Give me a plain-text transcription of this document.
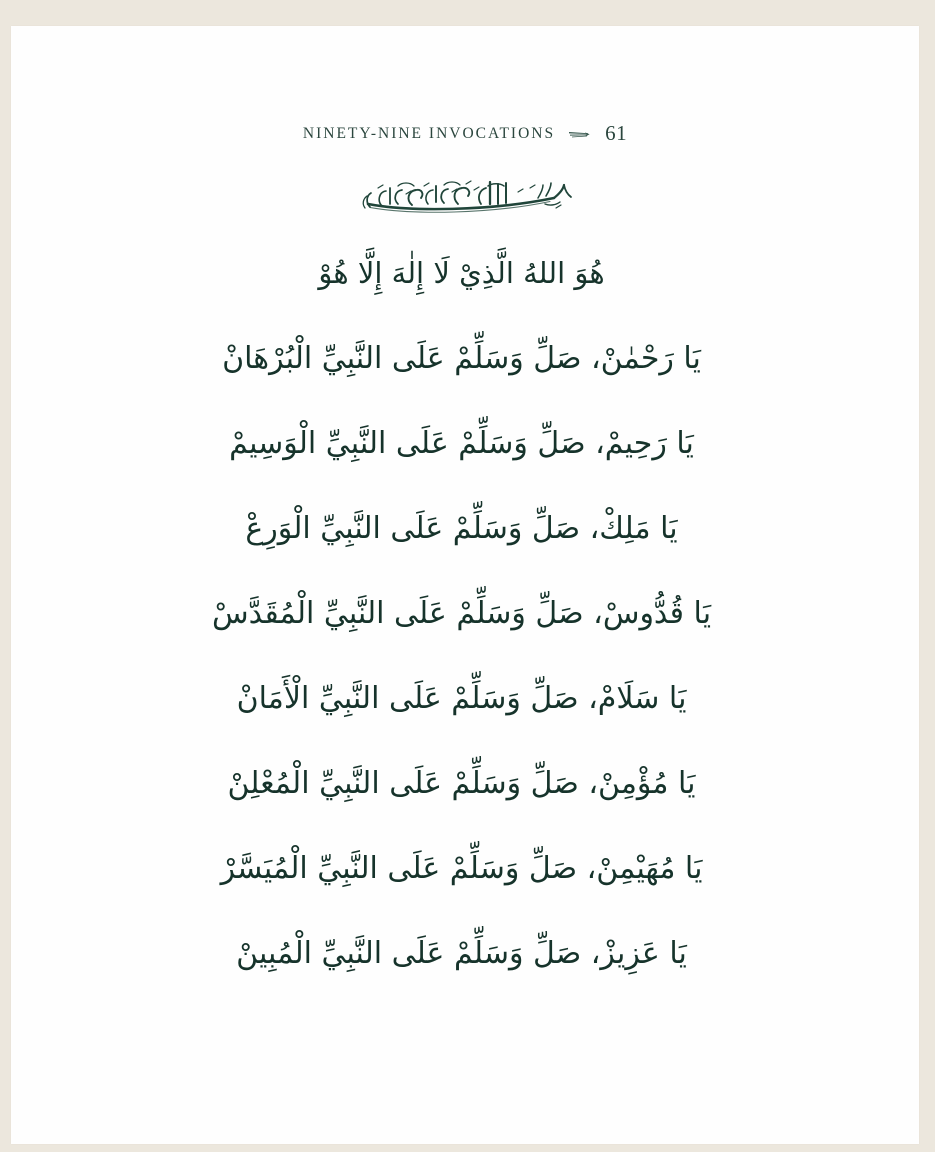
NINETY-NINE INVOCATIONS 61
هُوَ اللهُ الَّذِيْ لَا إِلٰهَ إِلَّا هُوْ
يَا رَحْمٰنْ، صَلِّ وَسَلِّمْ عَلَى النَّبِيِّ الْبُرْهَانْ
يَا رَحِيمْ، صَلِّ وَسَلِّمْ عَلَى النَّبِيِّ الْوَسِيمْ
يَا مَلِكْ، صَلِّ وَسَلِّمْ عَلَى النَّبِيِّ الْوَرِعْ
يَا قُدُّوسْ، صَلِّ وَسَلِّمْ عَلَى النَّبِيِّ الْمُقَدَّسْ
يَا سَلَامْ، صَلِّ وَسَلِّمْ عَلَى النَّبِيِّ الْأَمَانْ
يَا مُؤْمِنْ، صَلِّ وَسَلِّمْ عَلَى النَّبِيِّ الْمُعْلِنْ
يَا مُهَيْمِنْ، صَلِّ وَسَلِّمْ عَلَى النَّبِيِّ الْمُيَسَّرْ
يَا عَزِيزْ، صَلِّ وَسَلِّمْ عَلَى النَّبِيِّ الْمُبِينْ
